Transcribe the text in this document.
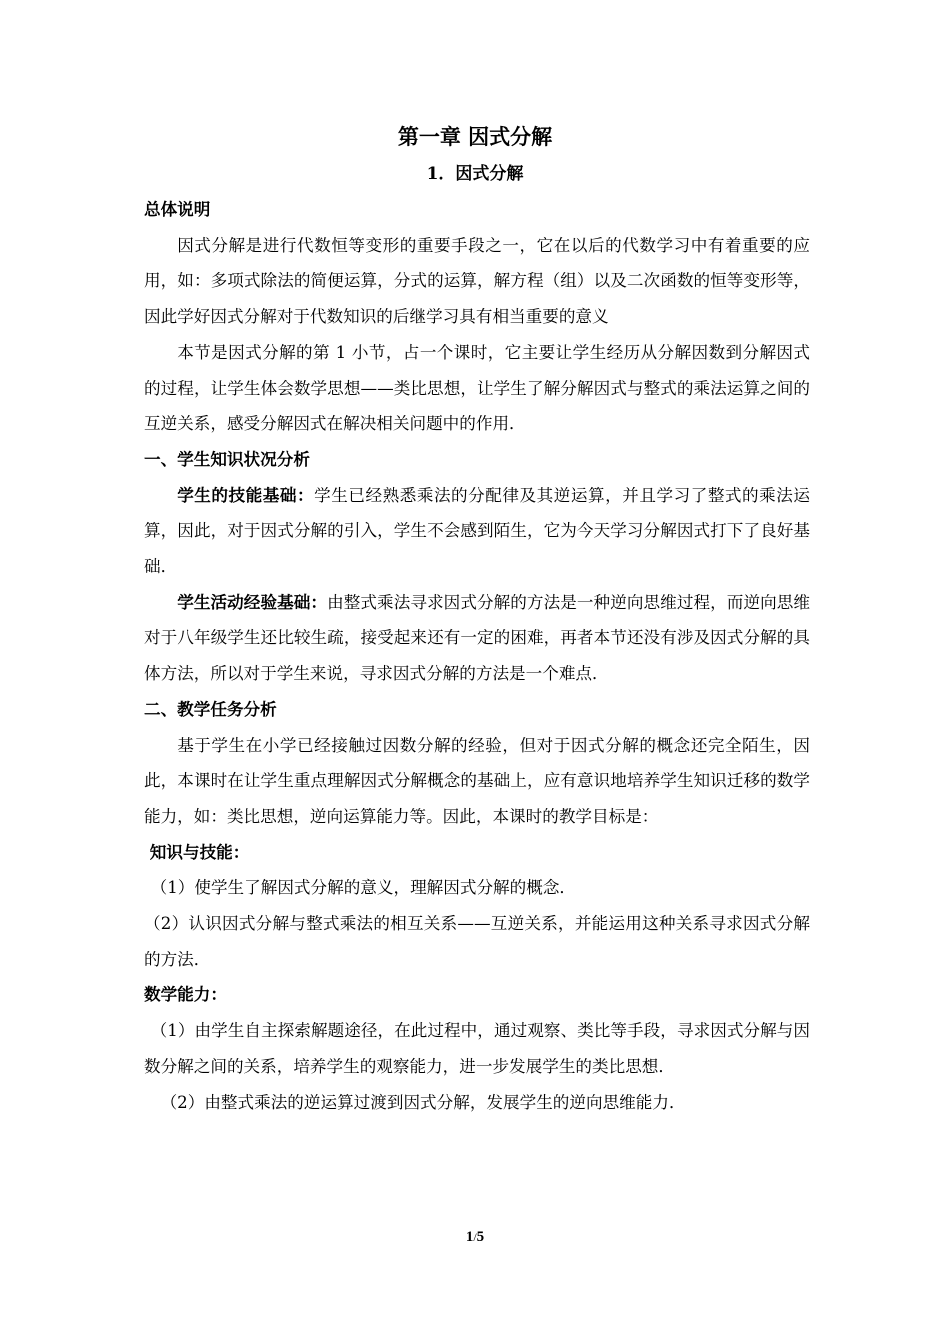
第一章 因式分解
1．因式分解

总体说明

因式分解是进行代数恒等变形的重要手段之一，它在以后的代数学习中有着重要的应用，如：多项式除法的简便运算，分式的运算，解方程（组）以及二次函数的恒等变形等，因此学好因式分解对于代数知识的后继学习具有相当重要的意义

本节是因式分解的第 1 小节，占一个课时，它主要让学生经历从分解因数到分解因式的过程，让学生体会数学思想——类比思想，让学生了解分解因式与整式的乘法运算之间的互逆关系，感受分解因式在解决相关问题中的作用．

一、学生知识状况分析

学生的技能基础：学生已经熟悉乘法的分配律及其逆运算，并且学习了整式的乘法运算，因此，对于因式分解的引入，学生不会感到陌生，它为今天学习分解因式打下了良好基础．

学生活动经验基础：由整式乘法寻求因式分解的方法是一种逆向思维过程，而逆向思维对于八年级学生还比较生疏，接受起来还有一定的困难，再者本节还没有涉及因式分解的具体方法，所以对于学生来说，寻求因式分解的方法是一个难点．

二、教学任务分析

基于学生在小学已经接触过因数分解的经验，但对于因式分解的概念还完全陌生，因此，本课时在让学生重点理解因式分解概念的基础上，应有意识地培养学生知识迁移的数学能力，如：类比思想，逆向运算能力等。因此，本课时的教学目标是：

知识与技能：

（1）使学生了解因式分解的意义，理解因式分解的概念．

（2）认识因式分解与整式乘法的相互关系——互逆关系，并能运用这种关系寻求因式分解的方法．

数学能力：

（1）由学生自主探索解题途径，在此过程中，通过观察、类比等手段，寻求因式分解与因数分解之间的关系，培养学生的观察能力，进一步发展学生的类比思想．

（2）由整式乘法的逆运算过渡到因式分解，发展学生的逆向思维能力．

1/5
